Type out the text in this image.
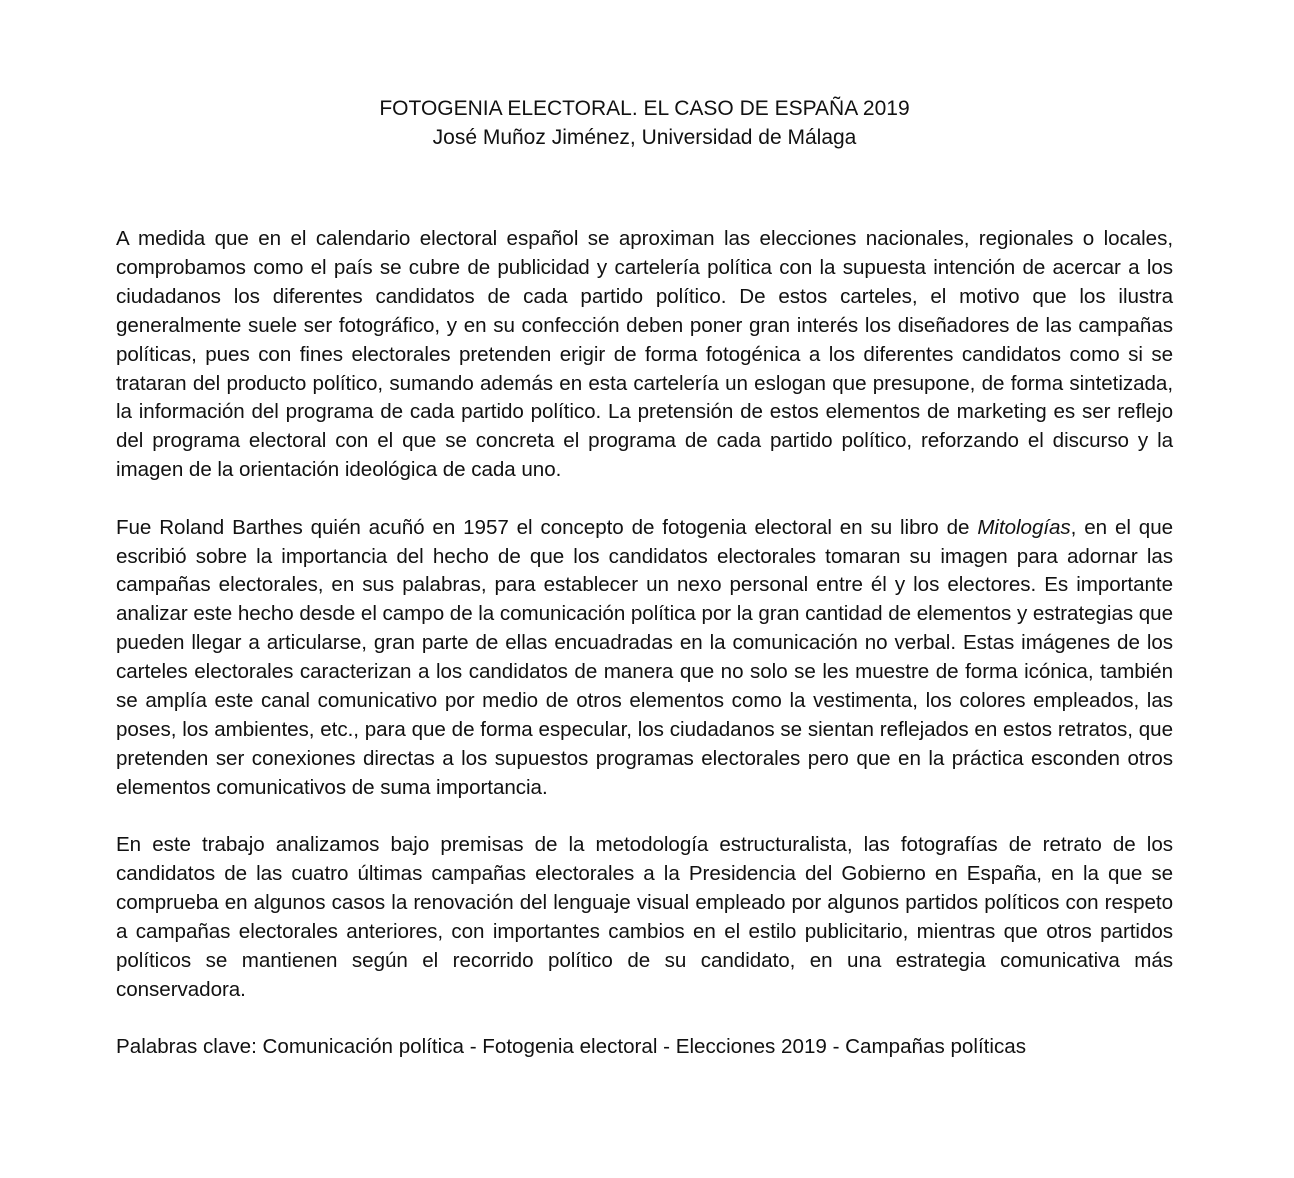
FOTOGENIA ELECTORAL. EL CASO DE ESPAÑA 2019
José Muñoz Jiménez, Universidad de Málaga

A medida que en el calendario electoral español se aproximan las elecciones nacionales, regionales o locales, comprobamos como el país se cubre de publicidad y cartelería política con la supuesta intención de acercar a los ciudadanos los diferentes candidatos de cada partido político. De estos carteles, el motivo que los ilustra generalmente suele ser fotográfico, y en su confección deben poner gran interés los diseñadores de las campañas políticas, pues con fines electorales pretenden erigir de forma fotogénica a los diferentes candidatos como si se trataran del producto político, sumando además en esta cartelería un eslogan que presupone, de forma sintetizada, la información del programa de cada partido político. La pretensión de estos elementos de marketing es ser reflejo del programa electoral con el que se concreta el programa de cada partido político, reforzando el discurso y la imagen de la orientación ideológica de cada uno.

Fue Roland Barthes quién acuñó en 1957 el concepto de fotogenia electoral en su libro de Mitologías, en el que escribió sobre la importancia del hecho de que los candidatos electorales tomaran su imagen para adornar las campañas electorales, en sus palabras, para establecer un nexo personal entre él y los electores. Es importante analizar este hecho desde el campo de la comunicación política por la gran cantidad de elementos y estrategias que pueden llegar a articularse, gran parte de ellas encuadradas en la comunicación no verbal. Estas imágenes de los carteles electorales caracterizan a los candidatos de manera que no solo se les muestre de forma icónica, también se amplía este canal comunicativo por medio de otros elementos como la vestimenta, los colores empleados, las poses, los ambientes, etc., para que de forma especular, los ciudadanos se sientan reflejados en estos retratos, que pretenden ser conexiones directas a los supuestos programas electorales pero que en la práctica esconden otros elementos comunicativos de suma importancia.

En este trabajo analizamos bajo premisas de la metodología estructuralista, las fotografías de retrato de los candidatos de las cuatro últimas campañas electorales a la Presidencia del Gobierno en España, en la que se comprueba en algunos casos la renovación del lenguaje visual empleado por algunos partidos políticos con respeto a campañas electorales anteriores, con importantes cambios en el estilo publicitario, mientras que otros partidos políticos se mantienen según el recorrido político de su candidato, en una estrategia comunicativa más conservadora.

Palabras clave: Comunicación política - Fotogenia electoral - Elecciones 2019 - Campañas políticas
